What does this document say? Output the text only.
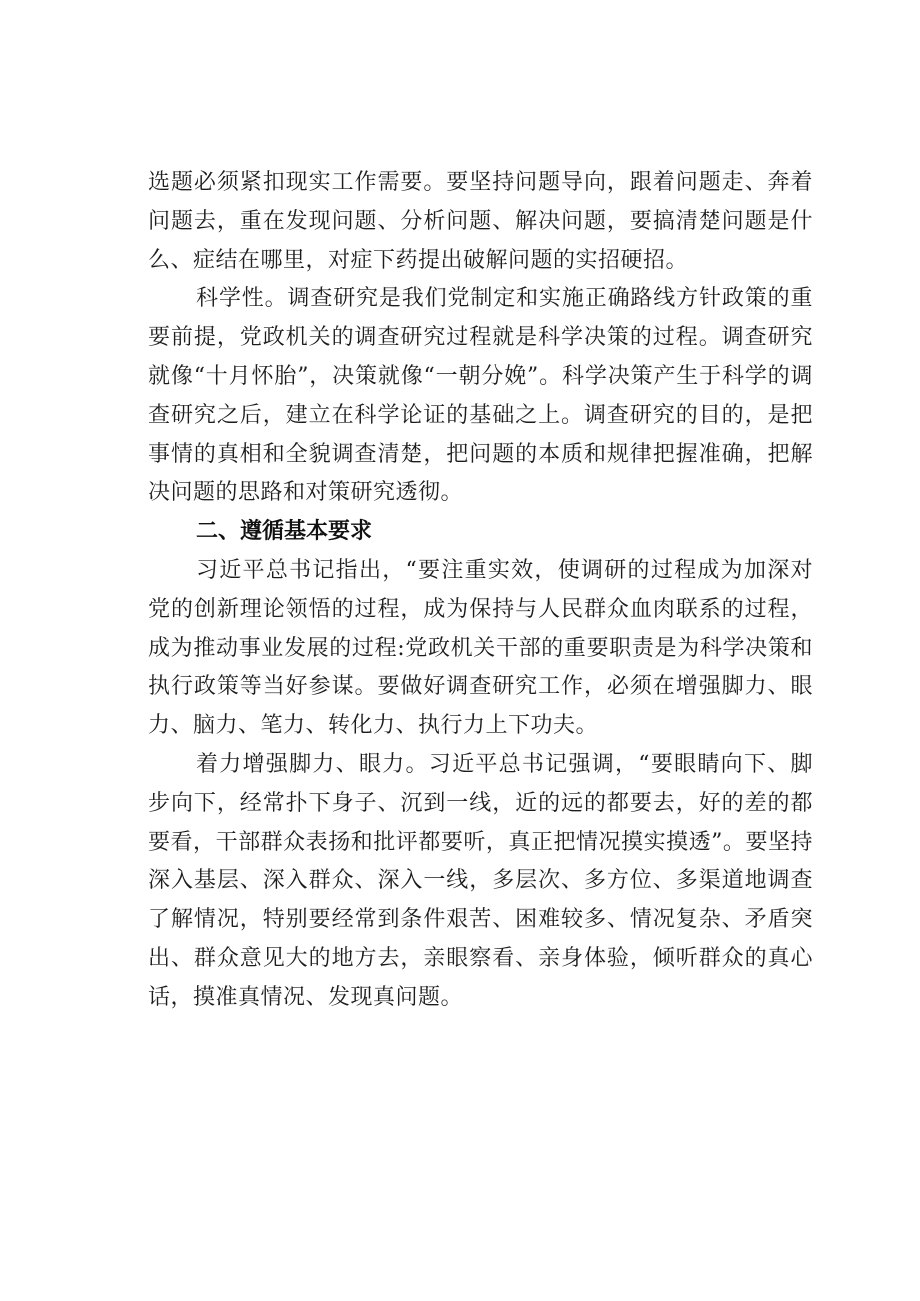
选题必须紧扣现实工作需要。要坚持问题导向，跟着问题走、奔着问题去，重在发现问题、分析问题、解决问题，要搞清楚问题是什么、症结在哪里，对症下药提出破解问题的实招硬招。

科学性。调查研究是我们党制定和实施正确路线方针政策的重要前提，党政机关的调查研究过程就是科学决策的过程。调查研究就像“十月怀胎”，决策就像“一朝分娩”。科学决策产生于科学的调查研究之后，建立在科学论证的基础之上。调查研究的目的，是把事情的真相和全貌调查清楚，把问题的本质和规律把握准确，把解决问题的思路和对策研究透彻。

二、遵循基本要求

习近平总书记指出，“要注重实效，使调研的过程成为加深对党的创新理论领悟的过程，成为保持与人民群众血肉联系的过程，成为推动事业发展的过程:党政机关干部的重要职责是为科学决策和执行政策等当好参谋。要做好调查研究工作，必须在增强脚力、眼力、脑力、笔力、转化力、执行力上下功夫。

着力增强脚力、眼力。习近平总书记强调，“要眼睛向下、脚步向下，经常扑下身子、沉到一线，近的远的都要去，好的差的都要看，干部群众表扬和批评都要听，真正把情况摸实摸透”。要坚持深入基层、深入群众、深入一线，多层次、多方位、多渠道地调查了解情况，特别要经常到条件艰苦、困难较多、情况复杂、矛盾突出、群众意见大的地方去，亲眼察看、亲身体验，倾听群众的真心话，摸准真情况、发现真问题。
